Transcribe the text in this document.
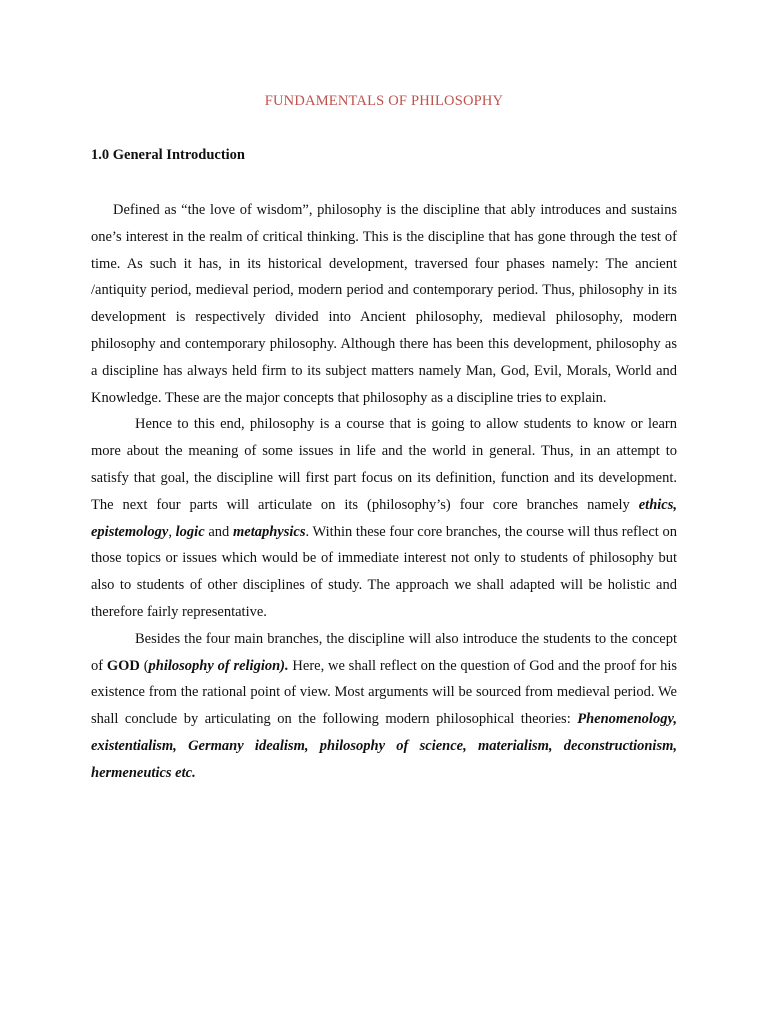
FUNDAMENTALS OF PHILOSOPHY
1.0 General Introduction

Defined as “the love of wisdom”, philosophy is the discipline that ably introduces and sustains one’s interest in the realm of critical thinking. This is the discipline that has gone through the test of time. As such it has, in its historical development, traversed four phases namely: The ancient /antiquity period, medieval period, modern period and contemporary period. Thus, philosophy in its development is respectively divided into Ancient philosophy, medieval philosophy, modern philosophy and contemporary philosophy. Although there has been this development, philosophy as a discipline has always held firm to its subject matters namely Man, God, Evil, Morals, World and Knowledge. These are the major concepts that philosophy as a discipline tries to explain.

Hence to this end, philosophy is a course that is going to allow students to know or learn more about the meaning of some issues in life and the world in general. Thus, in an attempt to satisfy that goal, the discipline will first part focus on its definition, function and its development. The next four parts will articulate on its (philosophy’s) four core branches namely ethics, epistemology, logic and metaphysics. Within these four core branches, the course will thus reflect on those topics or issues which would be of immediate interest not only to students of philosophy but also to students of other disciplines of study. The approach we shall adapted will be holistic and therefore fairly representative.

Besides the four main branches, the discipline will also introduce the students to the concept of GOD (philosophy of religion). Here, we shall reflect on the question of God and the proof for his existence from the rational point of view. Most arguments will be sourced from medieval period. We shall conclude by articulating on the following modern philosophical theories: Phenomenology, existentialism, Germany idealism, philosophy of science, materialism, deconstructionism, hermeneutics etc.
